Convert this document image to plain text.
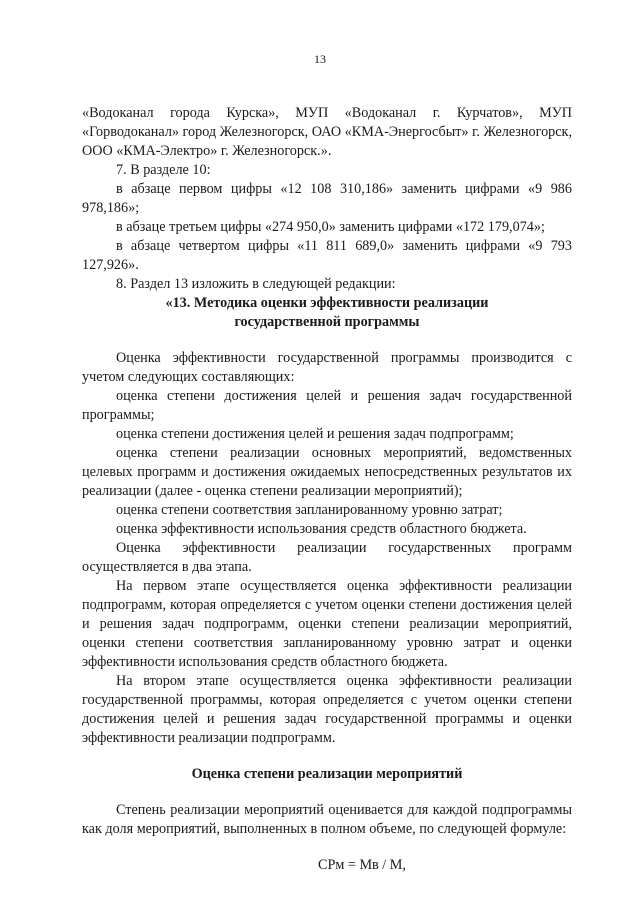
13

«Водоканал города Курска», МУП «Водоканал г. Курчатов», МУП «Горводоканал» город Железногорск, ОАО «КМА-Энергосбыт» г. Железногорск, ООО «КМА-Электро» г. Железногорск.».

7. В разделе 10:

в абзаце первом цифры «12 108 310,186» заменить цифрами «9 986 978,186»;

в абзаце третьем цифры «274 950,0» заменить цифрами «172 179,074»;

в абзаце четвертом цифры «11 811 689,0» заменить цифрами «9 793 127,926».

8. Раздел 13 изложить в следующей редакции:

«13. Методика оценки эффективности реализации

государственной программы

Оценка эффективности государственной программы производится с учетом следующих составляющих:

оценка степени достижения целей и решения задач государственной программы;

оценка степени достижения целей и решения задач подпрограмм;

оценка степени реализации основных мероприятий, ведомственных целевых программ и достижения ожидаемых непосредственных результатов их реализации (далее - оценка степени реализации мероприятий);

оценка степени соответствия запланированному уровню затрат;

оценка эффективности использования средств областного бюджета.

Оценка эффективности реализации государственных программ осуществляется в два этапа.

На первом этапе осуществляется оценка эффективности реализации подпрограмм, которая определяется с учетом оценки степени достижения целей и решения задач подпрограмм, оценки степени реализации мероприятий, оценки степени соответствия запланированному уровню затрат и оценки эффективности использования средств областного бюджета.

На втором этапе осуществляется оценка эффективности реализации государственной программы, которая определяется с учетом оценки степени достижения целей и решения задач государственной программы и оценки эффективности реализации подпрограмм.

Оценка степени реализации мероприятий

Степень реализации мероприятий оценивается для каждой подпрограммы как доля мероприятий, выполненных в полном объеме, по следующей формуле:

СРм = Мв / М,
